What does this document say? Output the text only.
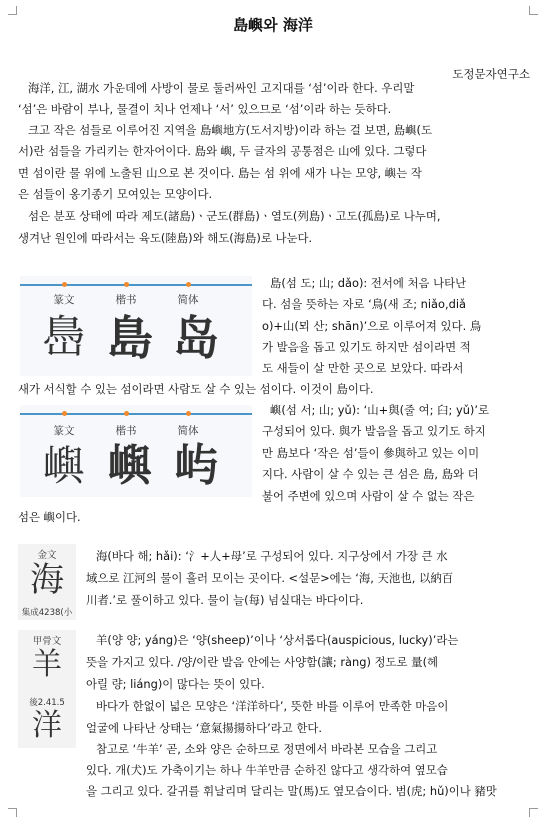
島嶼와 海洋
도정문자연구소
海洋, 江, 湖水 가운데에 사방이 물로 둘러싸인 고지대를 ‘섬’이라 한다. 우리말
‘섬’은 바람이 부나, 물결이 치나 언제나 ‘서’ 있으므로 ‘섬’이라 하는 듯하다.
크고 작은 섬들로 이루어진 지역을 島嶼地方(도서지방)이라 하는 걸 보면, 島嶼(도
서)란 섬들을 가리키는 한자어이다. 島와 嶼, 두 글자의 공통점은 山에 있다. 그렇다
면 섬이란 물 위에 노출된 山으로 본 것이다. 島는 섬 위에 새가 나는 모양, 嶼는 작
은 섬들이 옹기종기 모여있는 모양이다.
섬은 분포 상태에 따라 제도(諸島)ㆍ군도(群島)ㆍ열도(列島)ㆍ고도(孤島)로 나누며,
생겨난 원인에 따라서는 육도(陸島)와 해도(海島)로 나눈다.
篆文	楷书	简体
㠀 島 岛
島(섬 도; 山; dǎo): 전서에 처음 나타난
다. 섬을 뜻하는 자로 ‘鳥(새 조; niǎo,diǎ
o)+山(뫼 산; shān)’으로 이루어져 있다. 鳥
가 발음을 돕고 있기도 하지만 섬이라면 적
도 새들이 살 만한 곳으로 보았다. 따라서
새가 서식할 수 있는 섬이라면 사람도 살 수 있는 섬이다. 이것이 島이다.
篆文	楷书	简体
嶼 嶼 屿
嶼(섬 서; 山; yǔ): ‘山+與(줄 여; 臼; yǔ)’로
구성되어 있다. 與가 발음을 돕고 있기도 하지
만 島보다 ‘작은 섬’들이 參與하고 있는 이미
지다. 사람이 살 수 있는 큰 섬은 島, 島와 더
불어 주변에 있으며 사람이 살 수 없는 작은
섬은 嶼이다.
金文
海
集成4238(小
海(바다 해; hǎi): ‘氵+人+母’로 구성되어 있다. 지구상에서 가장 큰 水
域으로 江河의 물이 흘러 모이는 곳이다. <설문>에는 ‘海, 天池也, 以納百
川者.’로 풀이하고 있다. 물이 늘(每) 넘실대는 바다이다.
甲骨文
羊
後2.41.5
洋
羊(양 양; yáng)은 ‘양(sheep)’이나 ‘상서롭다(auspicious, lucky)’라는
뜻을 가지고 있다. /양/이란 발음 안에는 사양함(讓; ràng) 정도로 量(헤
아릴 량; liáng)이 많다는 뜻이 있다.
바다가 한없이 넓은 모양은 ‘洋洋하다’, 뜻한 바를 이루어 만족한 마음이
얼굴에 나타난 상태는 ‘意氣揚揚하다’라고 한다.
참고로 ‘牛羊’ 곧, 소와 양은 순하므로 정면에서 바라본 모습을 그리고
있다. 개(犬)도 가축이기는 하나 牛羊만큼 순하진 않다고 생각하여 옆모습
을 그리고 있다. 갈귀를 휘날리며 달리는 말(馬)도 옆모습이다. 범(虎; hǔ)이나 豬맛
